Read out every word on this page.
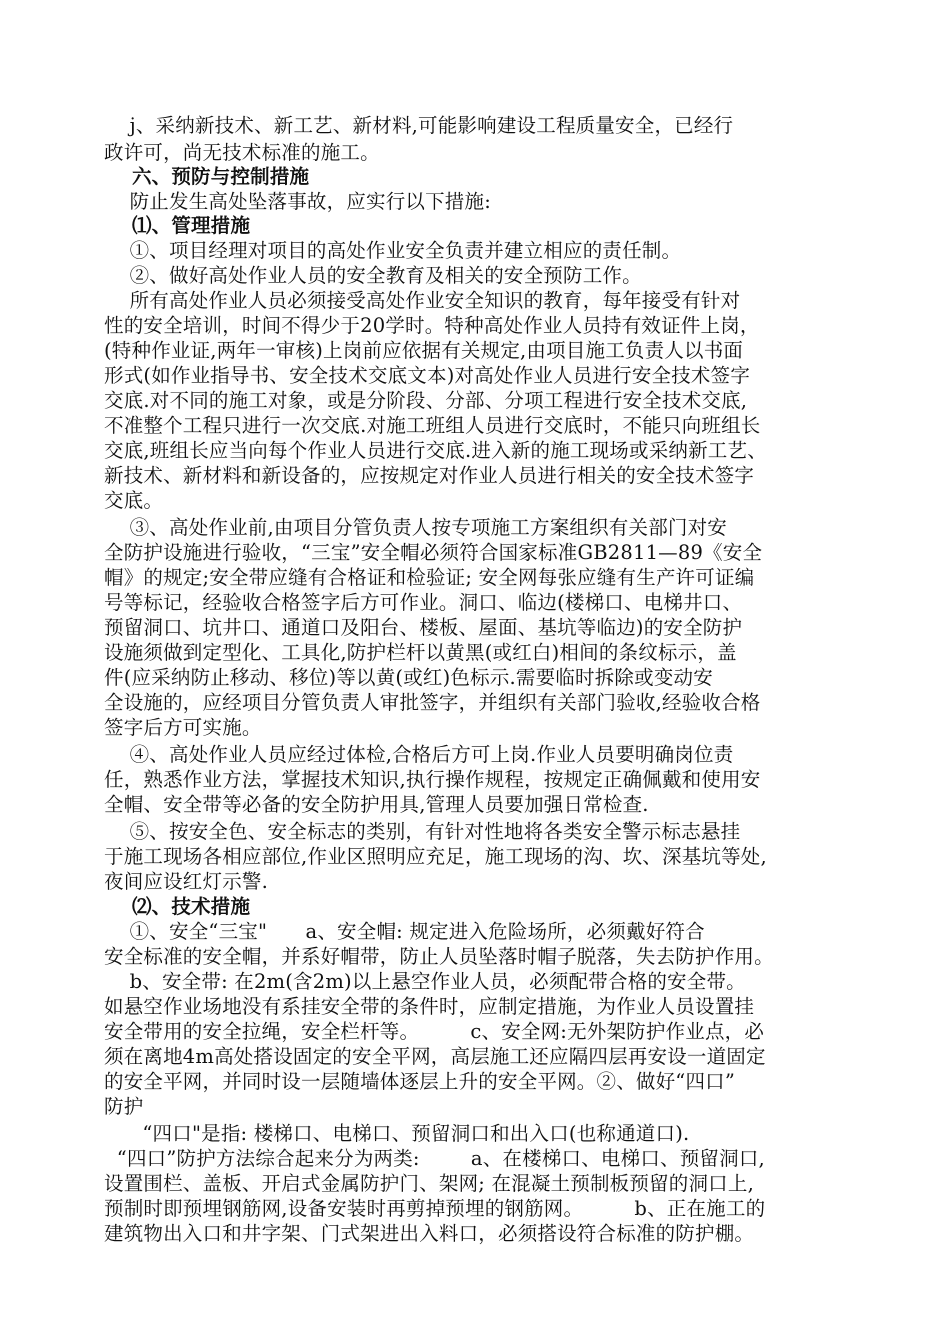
j、采纳新技术、新工艺、新材料,可能影响建设工程质量安全，已经行
政许可，尚无技术标准的施工。
六、预防与控制措施
防止发生高处坠落事故，应实行以下措施:
⑴、管理措施
①、项目经理对项目的高处作业安全负责并建立相应的责任制。
②、做好高处作业人员的安全教育及相关的安全预防工作。
所有高处作业人员必须接受高处作业安全知识的教育，每年接受有针对
性的安全培训，时间不得少于20学时。特种高处作业人员持有效证件上岗，
(特种作业证,两年一审核)上岗前应依据有关规定,由项目施工负责人以书面
形式(如作业指导书、安全技术交底文本)对高处作业人员进行安全技术签字
交底.对不同的施工对象，或是分阶段、分部、分项工程进行安全技术交底,
不准整个工程只进行一次交底.对施工班组人员进行交底时，不能只向班组长
交底,班组长应当向每个作业人员进行交底.进入新的施工现场或采纳新工艺、
新技术、新材料和新设备的，应按规定对作业人员进行相关的安全技术签字
交底。
③、高处作业前,由项目分管负责人按专项施工方案组织有关部门对安
全防护设施进行验收，“三宝”安全帽必须符合国家标准GB2811—89《安全
帽》的规定;安全带应缝有合格证和检验证; 安全网每张应缝有生产许可证编
号等标记，经验收合格签字后方可作业。洞口、临边(楼梯口、电梯井口、
预留洞口、坑井口、通道口及阳台、楼板、屋面、基坑等临边)的安全防护
设施须做到定型化、工具化,防护栏杆以黄黑(或红白)相间的条纹标示，盖
件(应采纳防止移动、移位)等以黄(或红)色标示.需要临时拆除或变动安
全设施的，应经项目分管负责人审批签字，并组织有关部门验收,经验收合格
签字后方可实施。
④、高处作业人员应经过体检,合格后方可上岗.作业人员要明确岗位责
任，熟悉作业方法，掌握技术知识,执行操作规程，按规定正确佩戴和使用安
全帽、安全带等必备的安全防护用具,管理人员要加强日常检查.
⑤、按安全色、安全标志的类别，有针对性地将各类安全警示标志悬挂
于施工现场各相应部位,作业区照明应充足，施工现场的沟、坎、深基坑等处,
夜间应设红灯示警.
⑵、技术措施
①、安全“三宝"      a、安全帽: 规定进入危险场所，必须戴好符合
安全标准的安全帽，并系好帽带，防止人员坠落时帽子脱落，失去防护作用。
b、安全带: 在2m(含2m)以上悬空作业人员，必须配带合格的安全带。
如悬空作业场地没有系挂安全带的条件时，应制定措施，为作业人员设置挂
安全带用的安全拉绳，安全栏杆等。        c、安全网:无外架防护作业点，必
须在离地4m高处搭设固定的安全平网，高层施工还应隔四层再安设一道固定
的安全平网，并同时设一层随墙体逐层上升的安全平网。②、做好“四口”
防护
“四口"是指: 楼梯口、电梯口、预留洞口和出入口(也称通道口).
“四口”防护方法综合起来分为两类:        a、在楼梯口、电梯口、预留洞口,
设置围栏、盖板、开启式金属防护门、架网; 在混凝土预制板预留的洞口上,
预制时即预埋钢筋网,设备安装时再剪掉预埋的钢筋网。        b、正在施工的
建筑物出入口和井字架、门式架进出入料口，必须搭设符合标准的防护棚。
